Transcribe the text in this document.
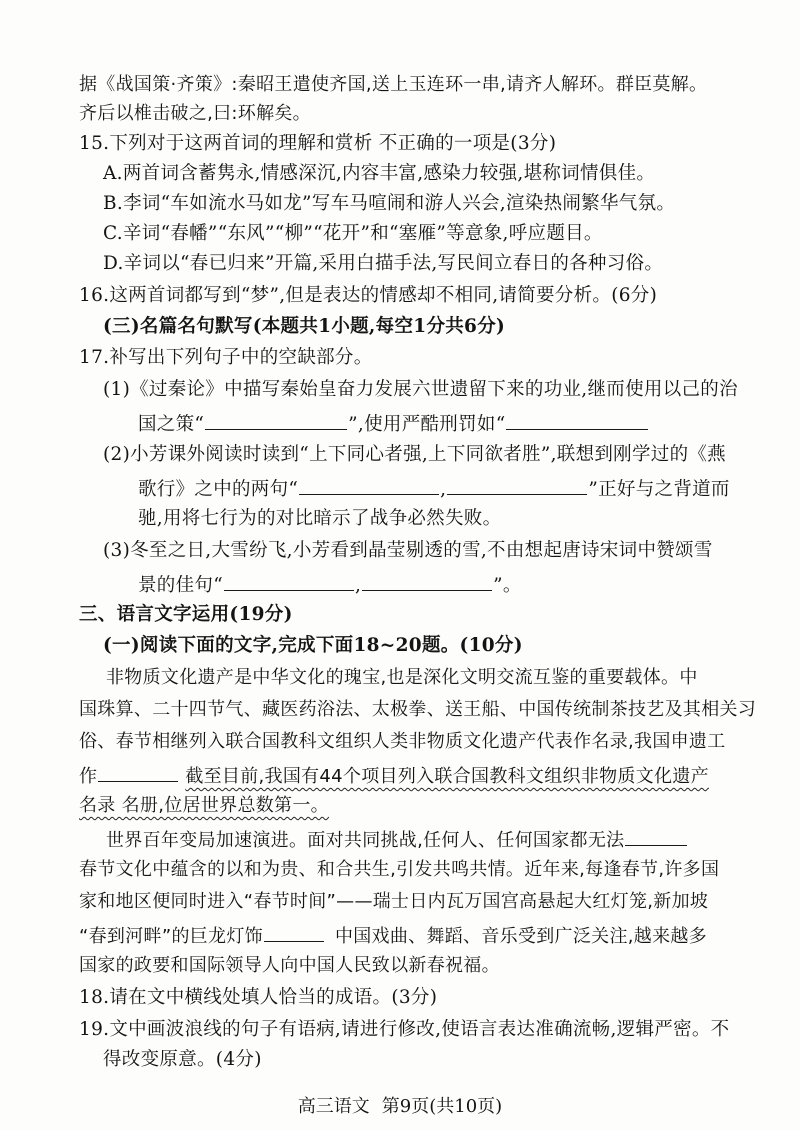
据《战国策·齐策》:秦昭王遣使齐国,送上玉连环一串,请齐人解环。群臣莫解。
齐后以椎击破之,曰:环解矣。
15.下列对于这两首词的理解和赏析 不正确的一项是(3分)
A.两首词含蓄隽永,情感深沉,内容丰富,感染力较强,堪称词情俱佳。
B.李词“车如流水马如龙”写车马喧闹和游人兴会,渲染热闹繁华气氛。
C.辛词“春幡”“东风”“柳”“花开”和“塞雁”等意象,呼应题目。
D.辛词以“春已归来”开篇,采用白描手法,写民间立春日的各种习俗。
16.这两首词都写到“梦”,但是表达的情感却不相同,请简要分析。(6分)
(三)名篇名句默写(本题共1小题,每空1分共6分)
17.补写出下列句子中的空缺部分。
(1)《过秦论》中描写秦始皇奋力发展六世遗留下来的功业,继而使用以己的治
国之策“	”,使用严酷刑罚如“
(2)小芳课外阅读时读到“上下同心者强,上下同欲者胜”,联想到刚学过的《燕
歌行》之中的两句“	,	”正好与之背道而
驰,用将七行为的对比暗示了战争必然失败。
(3)冬至之日,大雪纷飞,小芳看到晶莹剔透的雪,不由想起唐诗宋词中赞颂雪
景的佳句“	,	”。
三、语言文字运用(19分)
(一)阅读下面的文字,完成下面18~20题。(10分)
非物质文化遗产是中华文化的瑰宝,也是深化文明交流互鉴的重要载体。中
国珠算、二十四节气、藏医药浴法、太极拳、送王船、中国传统制茶技艺及其相关习
俗、春节相继列入联合国教科文组织人类非物质文化遗产代表作名录,我国申遗工
作	截至目前,我国有44个项目列入联合国教科文组织非物质文化遗产
名录 名册,位居世界总数第一。
世界百年变局加速演进。面对共同挑战,任何人、任何国家都无法
春节文化中蕴含的以和为贵、和合共生,引发共鸣共情。近年来,每逢春节,许多国
家和地区便同时进入“春节时间”——瑞士日内瓦万国宫高悬起大红灯笼,新加坡
“春到河畔”的巨龙灯饰	中国戏曲、舞蹈、音乐受到广泛关注,越来越多
国家的政要和国际领导人向中国人民致以新春祝福。
18.请在文中横线处填人恰当的成语。(3分)
19.文中画波浪线的句子有语病,请进行修改,使语言表达准确流畅,逻辑严密。不
得改变原意。(4分)
高三语文 第9页(共10页)
